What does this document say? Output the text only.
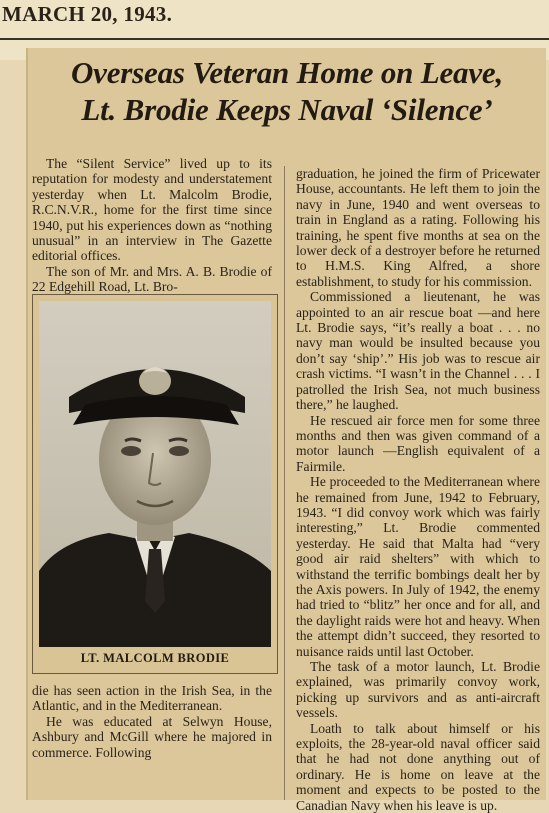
MARCH 20, 1943.
Overseas Veteran Home on Leave,
Lt. Brodie Keeps Naval ‘Silence’

The “Silent Service” lived up to its reputation for modesty and understatement yesterday when Lt. Malcolm Brodie, R.C.N.V.R., home for the first time since 1940, put his experiences down as “nothing unusual” in an interview in The Gazette editorial offices.

The son of Mr. and Mrs. A. B. Brodie of 22 Edgehill Road, Lt. Bro-

LT. MALCOLM BRODIE

die has seen action in the Irish Sea, in the Atlantic, and in the Mediterranean.

He was educated at Selwyn House, Ashbury and McGill where he majored in commerce. Following

graduation, he joined the firm of Pricewater House, accountants. He left them to join the navy in June, 1940 and went overseas to train in England as a rating. Following his training, he spent five months at sea on the lower deck of a destroyer before he returned to H.M.S. King Alfred, a shore establishment, to study for his commission.

Commissioned a lieutenant, he was appointed to an air rescue boat —and here Lt. Brodie says, “it’s really a boat . . . no navy man would be insulted because you don’t say ‘ship’.” His job was to rescue air crash victims. “I wasn’t in the Channel . . . I patrolled the Irish Sea, not much business there,” he laughed.

He rescued air force men for some three months and then was given command of a motor launch —English equivalent of a Fairmile.

He proceeded to the Mediterranean where he remained from June, 1942 to February, 1943. “I did convoy work which was fairly interesting,” Lt. Brodie commented yesterday. He said that Malta had “very good air raid shelters” with which to withstand the terrific bombings dealt her by the Axis powers. In July of 1942, the enemy had tried to “blitz” her once and for all, and the daylight raids were hot and heavy. When the attempt didn’t succeed, they resorted to nuisance raids until last October.

The task of a motor launch, Lt. Brodie explained, was primarily convoy work, picking up survivors and as anti-aircraft vessels.

Loath to talk about himself or his exploits, the 28-year-old naval officer said that he had not done anything out of ordinary. He is home on leave at the moment and expects to be posted to the Canadian Navy when his leave is up.
